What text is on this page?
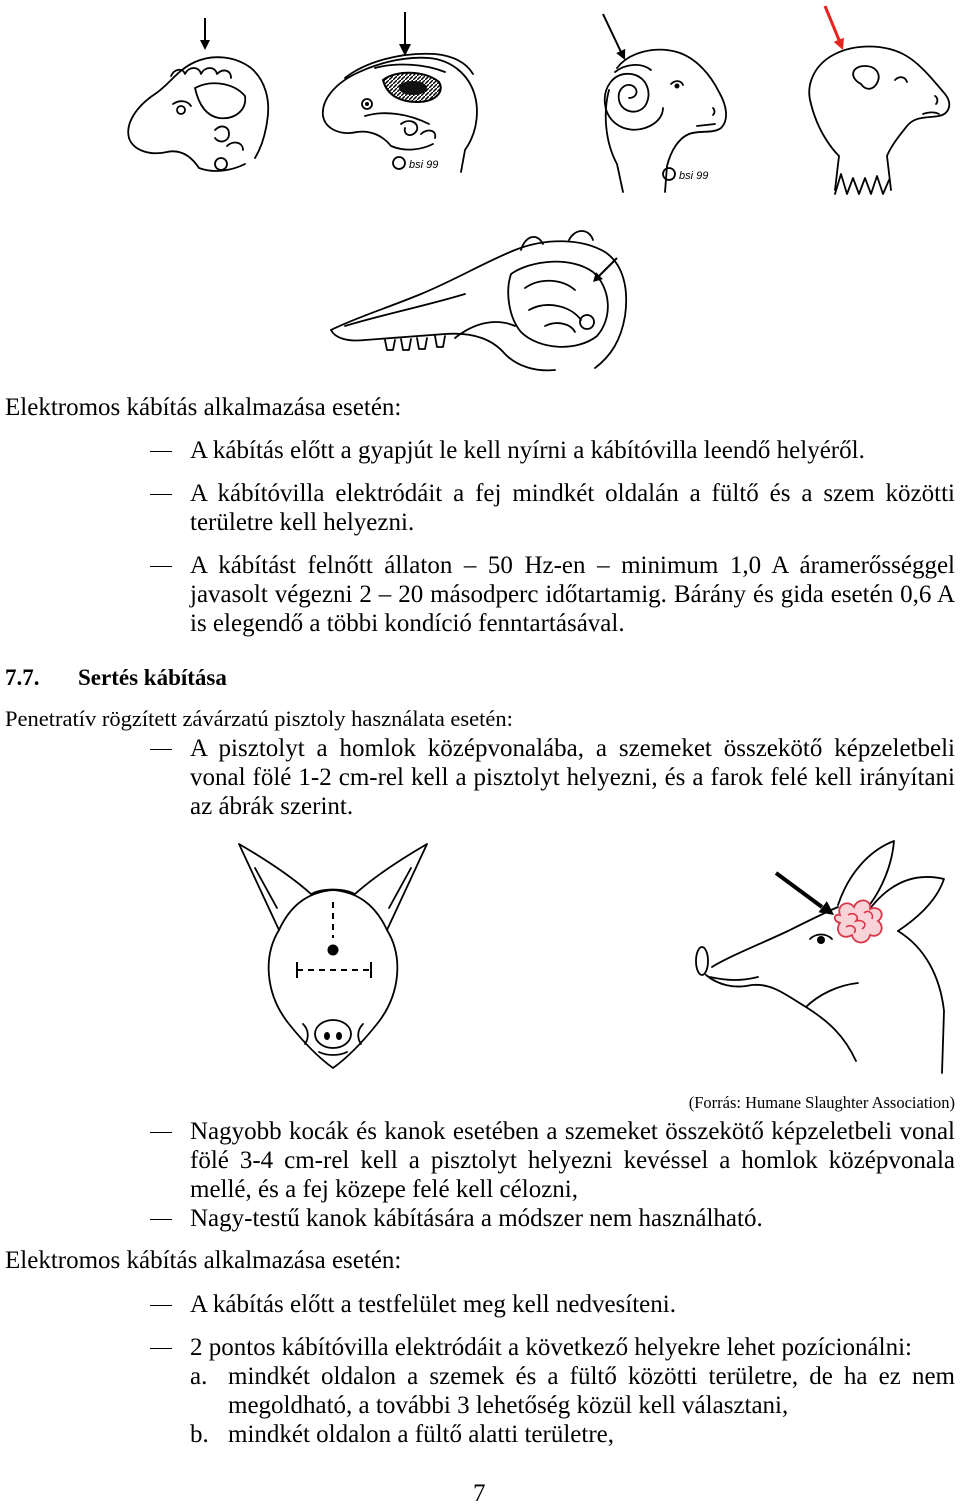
bsi 99
bsi 99
Elektromos kábítás alkalmazása esetén:
A kábítás előtt a gyapjút le kell nyírni a kábítóvilla leendő helyéről.
A kábítóvilla elektródáit a fej mindkét oldalán a fültő és a szem közötti
területre kell helyezni.
A kábítást felnőtt állaton – 50 Hz-en – minimum 1,0 A áramerősséggel
javasolt végezni 2 – 20 másodperc időtartamig. Bárány és gida esetén 0,6 A
is elegendő a többi kondíció fenntartásával.
7.7. Sertés kábítása
Penetratív rögzített závárzatú pisztoly használata esetén:
A pisztolyt a homlok középvonalába, a szemeket összekötő képzeletbeli
vonal fölé 1-2 cm-rel kell a pisztolyt helyezni, és a farok felé kell irányítani
az ábrák szerint.
(Forrás: Humane Slaughter Association)
Nagyobb kocák és kanok esetében a szemeket összekötő képzeletbeli vonal
fölé 3-4 cm-rel kell a pisztolyt helyezni kevéssel a homlok középvonala
mellé, és a fej közepe felé kell célozni,
Nagy-testű kanok kábítására a módszer nem használható.
Elektromos kábítás alkalmazása esetén:
A kábítás előtt a testfelület meg kell nedvesíteni.
2 pontos kábítóvilla elektródáit a következő helyekre lehet pozícionálni:
a. mindkét oldalon a szemek és a fültő közötti területre, de ha ez nem
megoldható, a további 3 lehetőség közül kell választani,
b. mindkét oldalon a fültő alatti területre,
7
